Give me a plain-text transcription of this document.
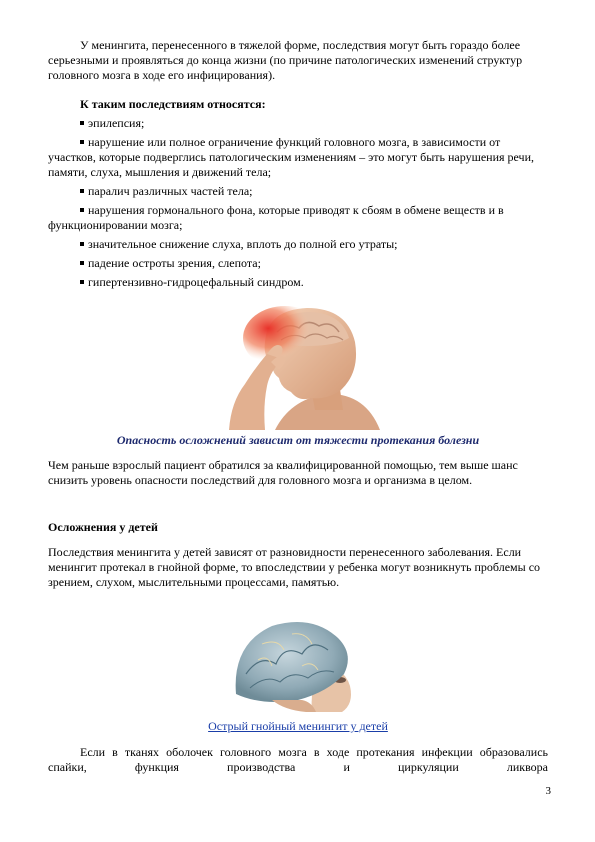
У менингита, перенесенного в тяжелой форме, последствия могут быть гораздо более серьезными и проявляться до конца жизни (по причине патологических изменений структур головного мозга в ходе его инфицирования).

К таким последствиям относятся:

эпилепсия;

нарушение или полное ограничение функций головного мозга, в зависимости от участков, которые подверглись патологическим изменениям – это могут быть нарушения речи, памяти, слуха, мышления и движений тела;

паралич различных частей тела;

нарушения гормонального фона, которые приводят к сбоям в обмене веществ и в функционировании мозга;

значительное снижение слуха, вплоть до полной его утраты;

падение остроты зрения, слепота;

гипертензивно-гидроцефальный синдром.

Опасность осложнений зависит от тяжести протекания болезни

Чем раньше взрослый пациент обратился за квалифицированной помощью, тем выше шанс снизить уровень опасности последствий для головного мозга и организма в целом.

Осложнения у детей

Последствия менингита у детей зависят от разновидности перенесенного заболевания. Если менингит протекал в гнойной форме, то впоследствии у ребенка могут возникнуть проблемы со зрением, слухом, мыслительными процессами, памятью.

Острый гнойный менингит у детей

Если в тканях оболочек головного мозга в ходе протекания инфекции образовались спайки, функция производства и циркуляции ликвора

3
